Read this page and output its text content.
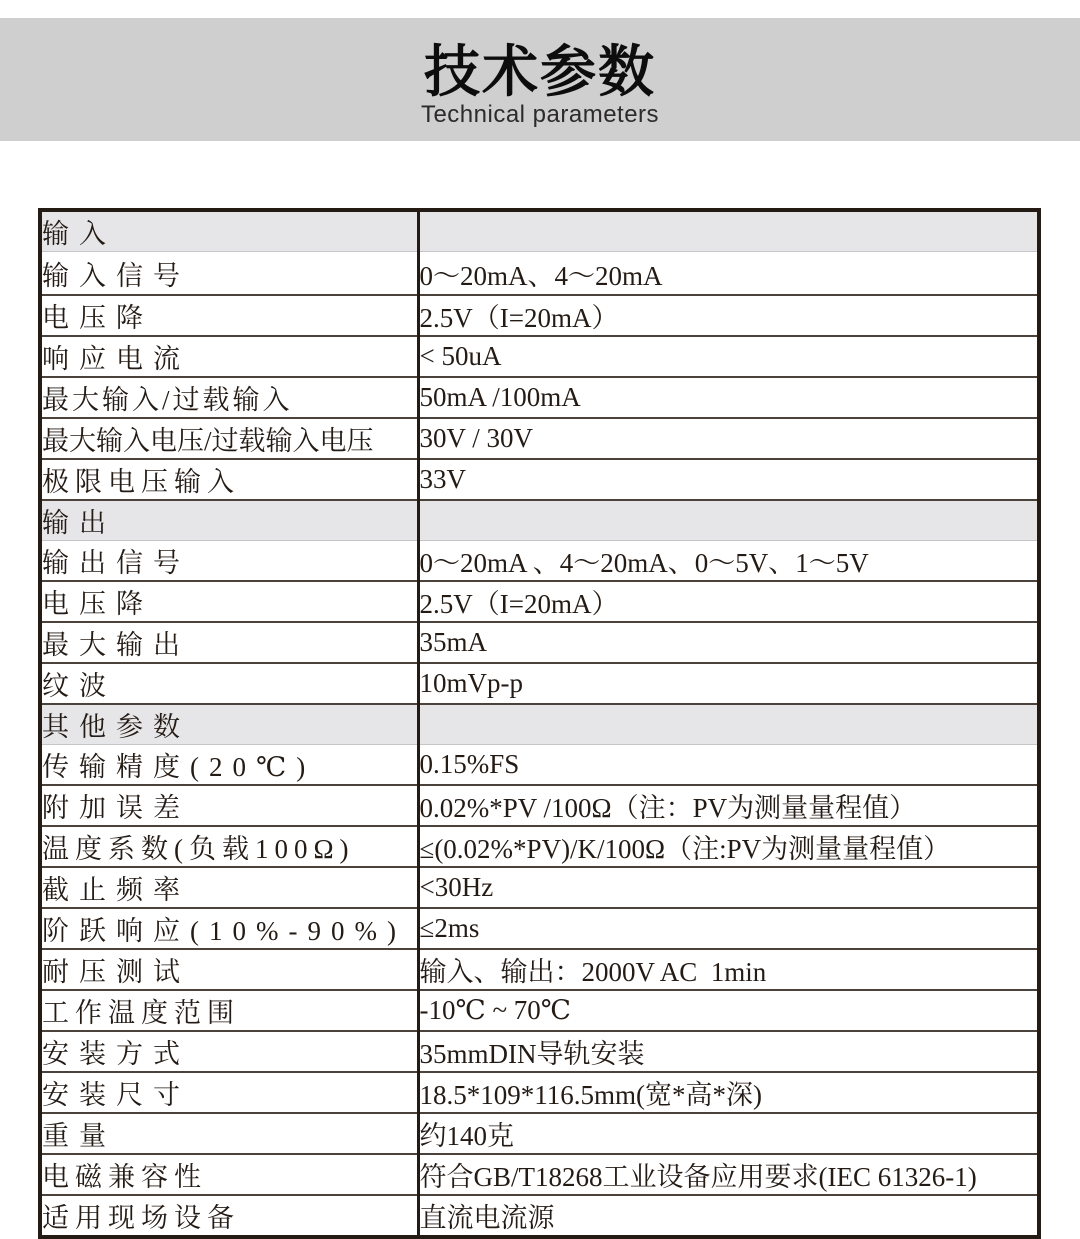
技术参数
Technical parameters
输入	
输入信号	0～20mA、4～20mA
电压降	2.5V（I=20mA）
响应电流	< 50uA
最大输入/过载输入	50mA /100mA
最大输入电压/过载输入电压	30V / 30V
极限电压输入	33V
输出	
输出信号	0～20mA 、4～20mA、0～5V、1～5V
电压降	2.5V（I=20mA）
最大输出	35mA
纹波	10mVp-p
其他参数	
传输精度(20℃)	0.15%FS
附加误差	0.02%*PV /100Ω（注：PV为测量量程值）
温度系数(负载100Ω)	≤(0.02%*PV)/K/100Ω（注:PV为测量量程值）
截止频率	<30Hz
阶跃响应(10%-90%)	≤2ms
耐压测试	输入、输出：2000V AC  1min
工作温度范围	-10℃ ~ 70℃
安装方式	35mmDIN导轨安装
安装尺寸	18.5*109*116.5mm(宽*高*深)
重量	约140克
电磁兼容性	符合GB/T18268工业设备应用要求(IEC 61326-1)
适用现场设备	直流电流源
